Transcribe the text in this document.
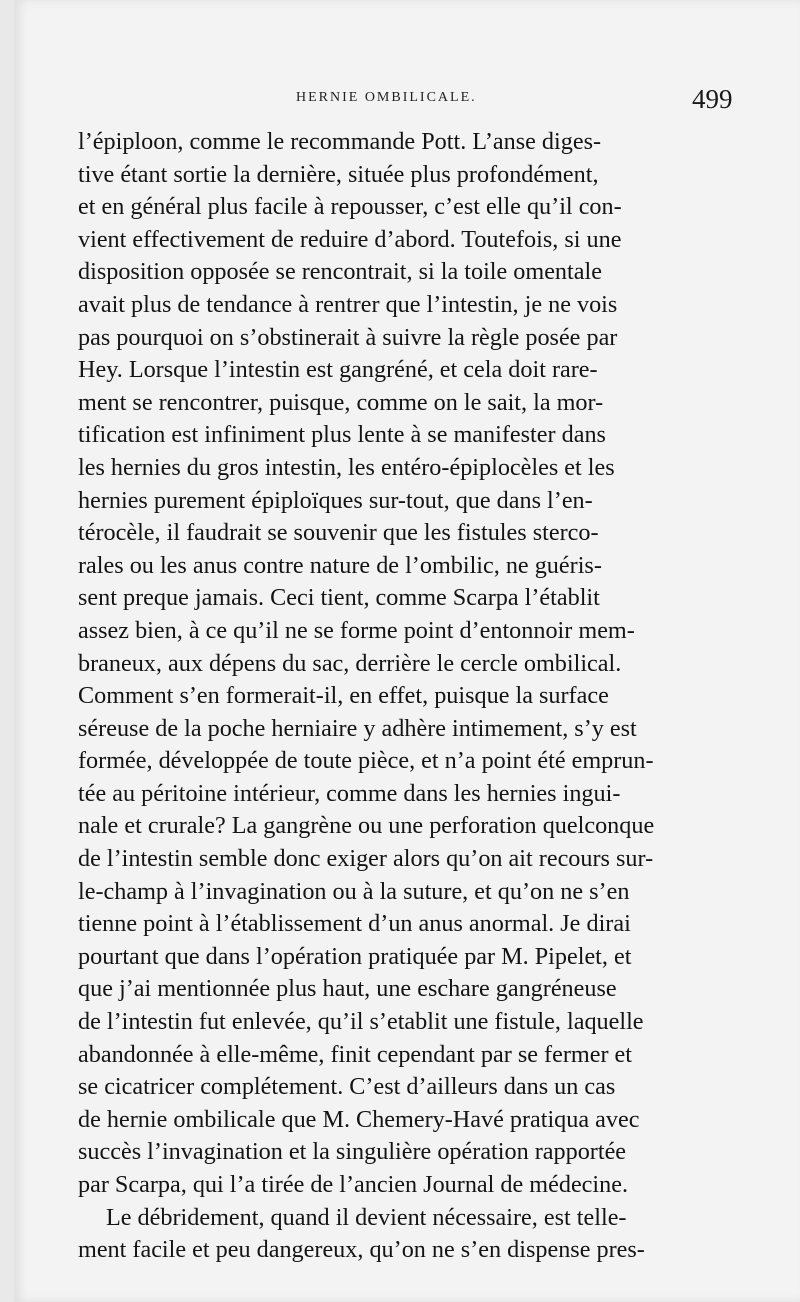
HERNIE OMBILICALE.	499
l’épiploon, comme le recommande Pott. L’anse diges-
tive étant sortie la dernière, située plus profondément,
et en général plus facile à repousser, c’est elle qu’il con-
vient effectivement de reduire d’abord. Toutefois, si une
disposition opposée se rencontrait, si la toile omentale
avait plus de tendance à rentrer que l’intestin, je ne vois
pas pourquoi on s’obstinerait à suivre la règle posée par
Hey. Lorsque l’intestin est gangréné, et cela doit rare-
ment se rencontrer, puisque, comme on le sait, la mor-
tification est infiniment plus lente à se manifester dans
les hernies du gros intestin, les entéro-épiplocèles et les
hernies purement épiploïques sur-tout, que dans l’en-
térocèle, il faudrait se souvenir que les fistules sterco-
rales ou les anus contre nature de l’ombilic, ne guéris-
sent preque jamais. Ceci tient, comme Scarpa l’établit
assez bien, à ce qu’il ne se forme point d’entonnoir mem-
braneux, aux dépens du sac, derrière le cercle ombilical.
Comment s’en formerait-il, en effet, puisque la surface
séreuse de la poche herniaire y adhère intimement, s’y est
formée, développée de toute pièce, et n’a point été emprun-
tée au péritoine intérieur, comme dans les hernies ingui-
nale et crurale? La gangrène ou une perforation quelconque
de l’intestin semble donc exiger alors qu’on ait recours sur-
le-champ à l’invagination ou à la suture, et qu’on ne s’en
tienne point à l’établissement d’un anus anormal. Je dirai
pourtant que dans l’opération pratiquée par M. Pipelet, et
que j’ai mentionnée plus haut, une eschare gangréneuse
de l’intestin fut enlevée, qu’il s’etablit une fistule, laquelle
abandonnée à elle-même, finit cependant par se fermer et
se cicatricer complétement. C’est d’ailleurs dans un cas
de hernie ombilicale que M. Chemery-Havé pratiqua avec
succès l’invagination et la singulière opération rapportée
par Scarpa, qui l’a tirée de l’ancien Journal de médecine.
Le débridement, quand il devient nécessaire, est telle-
ment facile et peu dangereux, qu’on ne s’en dispense pres-
